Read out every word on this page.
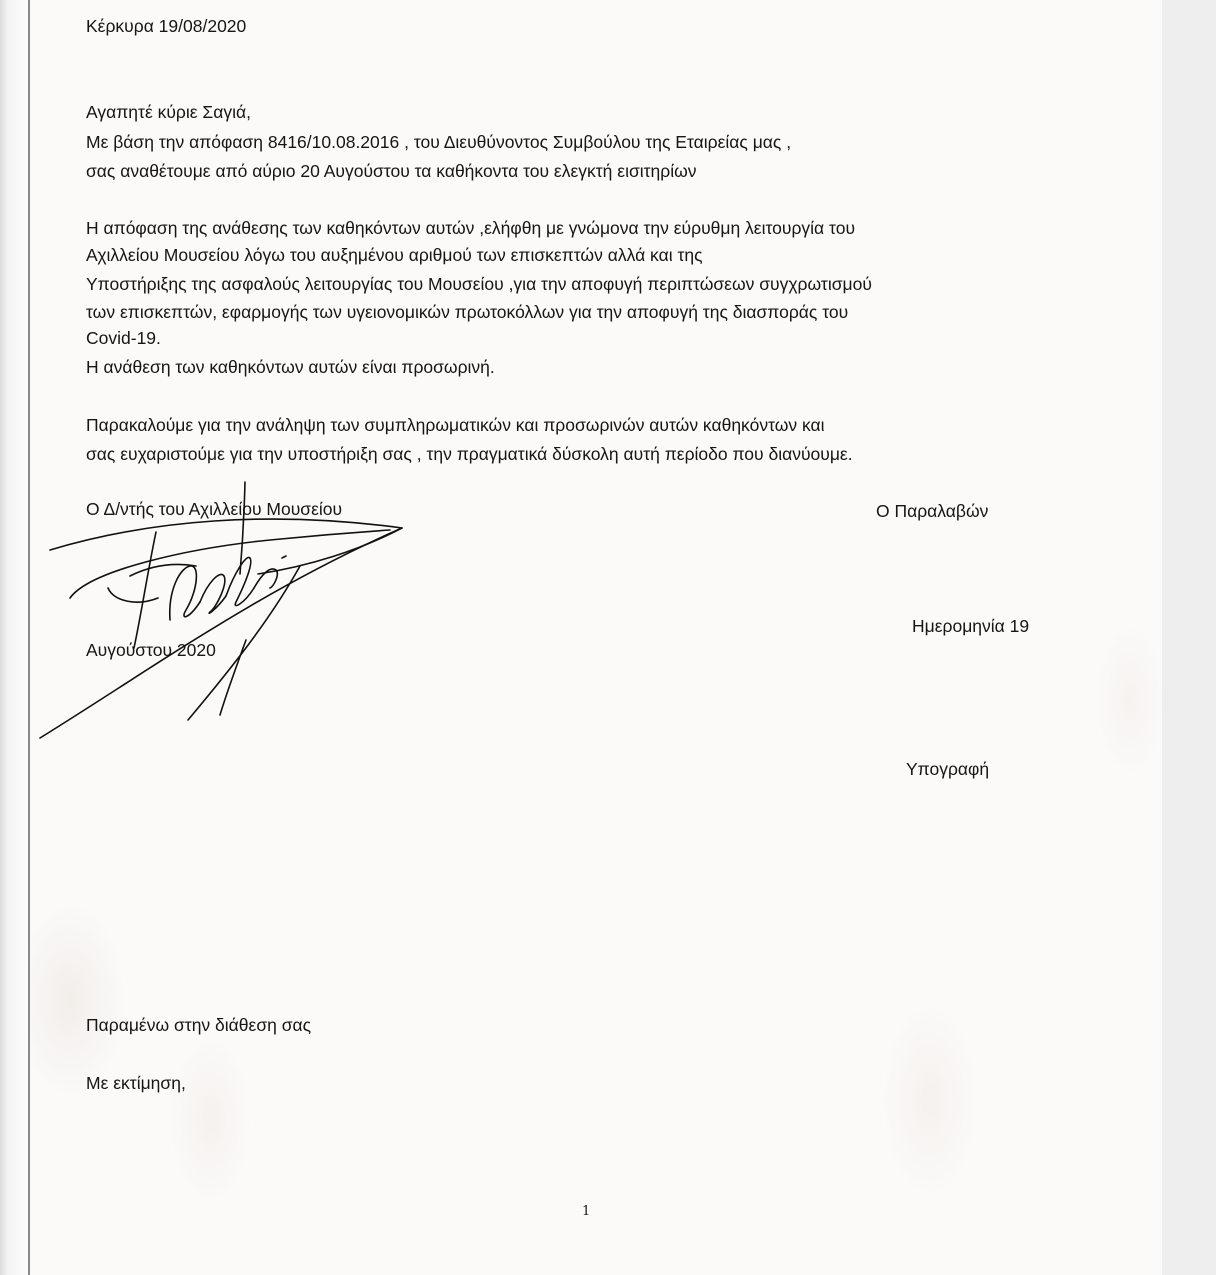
Κέρκυρα 19/08/2020
Αγαπητέ κύριε Σαγιά,
Με βάση την απόφαση 8416/10.08.2016 , του Διευθύνοντος Συμβούλου της Εταιρείας μας ,
σας αναθέτουμε από αύριο 20 Αυγούστου τα καθήκοντα του ελεγκτή εισιτηρίων
Η απόφαση της ανάθεσης των καθηκόντων αυτών ,ελήφθη με γνώμονα την εύρυθμη λειτουργία του
Αχιλλείου Μουσείου λόγω του αυξημένου αριθμού των επισκεπτών αλλά και της
Υποστήριξης της ασφαλούς λειτουργίας του Μουσείου ,για την αποφυγή περιπτώσεων συγχρωτισμού
των επισκεπτών, εφαρμογής των υγειονομικών πρωτοκόλλων για την αποφυγή της διασποράς του
Covid-19.
Η ανάθεση των καθηκόντων αυτών είναι προσωρινή.
Παρακαλούμε για την ανάληψη των συμπληρωματικών και προσωρινών αυτών καθηκόντων και
σας ευχαριστούμε για την υποστήριξη σας , την πραγματικά δύσκολη αυτή περίοδο που διανύουμε.
Ο Δ/ντής του Αχιλλείου Μουσείου	Ο Παραλαβών
Ημερομηνία 19
Αυγούστου 2020
Υπογραφή
Παραμένω στην διάθεση σας
Με εκτίμηση,
1
